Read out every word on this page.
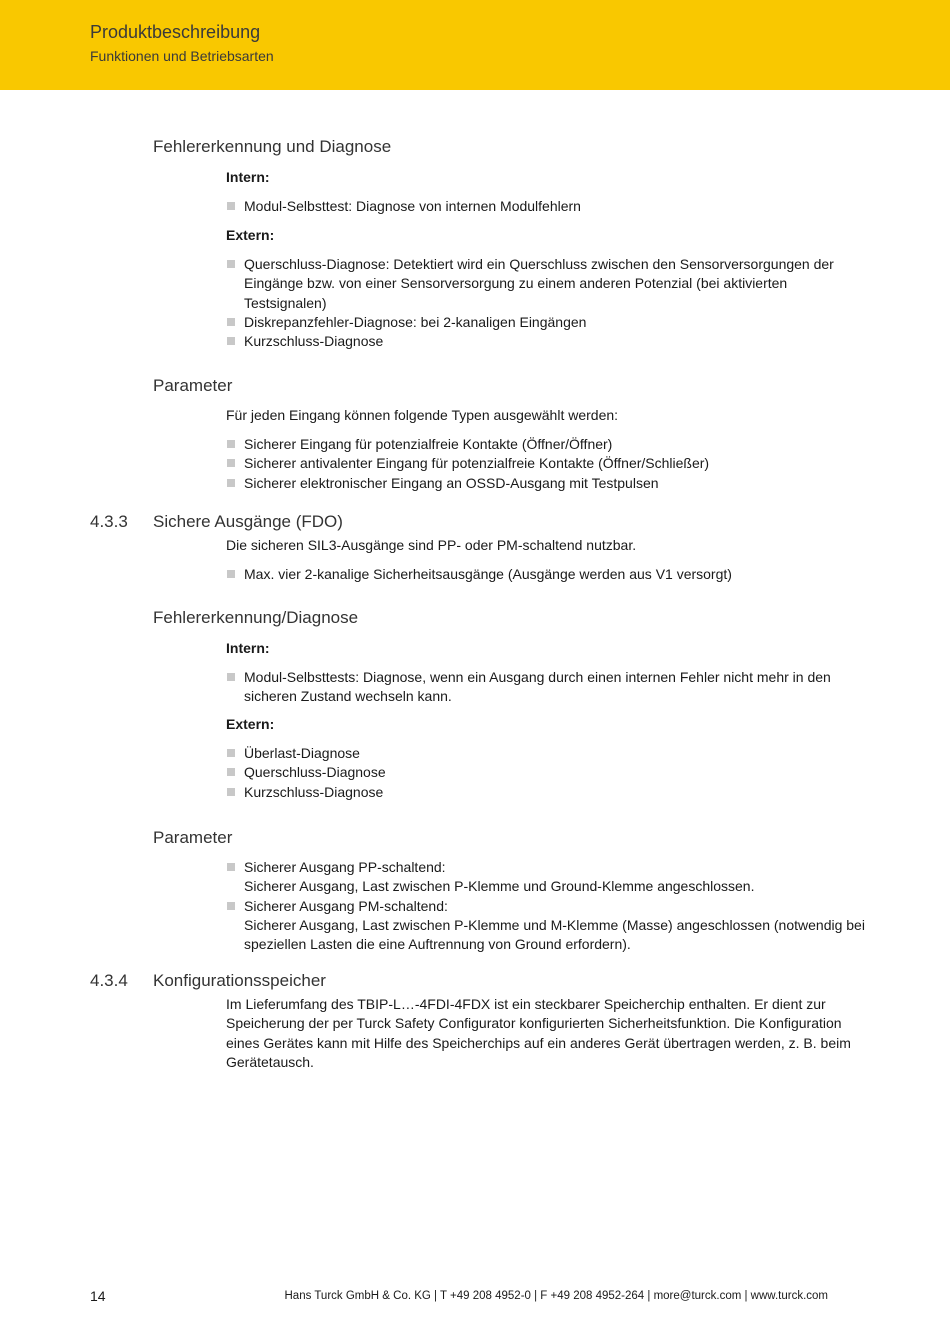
Produktbeschreibung
Funktionen und Betriebsarten
Fehlererkennung und Diagnose
Intern:
Modul-Selbsttest: Diagnose von internen Modulfehlern
Extern:
Querschluss-Diagnose: Detektiert wird ein Querschluss zwischen den Sensorversorgungen der Eingänge bzw. von einer Sensorversorgung zu einem anderen Potenzial (bei aktivierten Testsignalen)
Diskrepanzfehler-Diagnose: bei 2-kanaligen Eingängen
Kurzschluss-Diagnose
Parameter
Für jeden Eingang können folgende Typen ausgewählt werden:
Sicherer Eingang für potenzialfreie Kontakte (Öffner/Öffner)
Sicherer antivalenter Eingang für potenzialfreie Kontakte (Öffner/Schließer)
Sicherer elektronischer Eingang an OSSD-Ausgang mit Testpulsen
4.3.3 Sichere Ausgänge (FDO)
Die sicheren SIL3-Ausgänge sind PP- oder PM-schaltend nutzbar.
Max. vier 2-kanalige Sicherheitsausgänge (Ausgänge werden aus V1 versorgt)
Fehlererkennung/Diagnose
Intern:
Modul-Selbsttests: Diagnose, wenn ein Ausgang durch einen internen Fehler nicht mehr in den sicheren Zustand wechseln kann.
Extern:
Überlast-Diagnose
Querschluss-Diagnose
Kurzschluss-Diagnose
Parameter
Sicherer Ausgang PP-schaltend:
Sicherer Ausgang, Last zwischen P-Klemme und Ground-Klemme angeschlossen.
Sicherer Ausgang PM-schaltend:
Sicherer Ausgang, Last zwischen P-Klemme und M-Klemme (Masse) angeschlossen (notwendig bei speziellen Lasten die eine Auftrennung von Ground erfordern).
4.3.4 Konfigurationsspeicher
Im Lieferumfang des TBIP-L…-4FDI-4FDX ist ein steckbarer Speicherchip enthalten. Er dient zur Speicherung der per Turck Safety Configurator konfigurierten Sicherheitsfunktion. Die Konfiguration eines Gerätes kann mit Hilfe des Speicherchips auf ein anderes Gerät übertragen werden, z. B. beim Gerätetausch.
14	Hans Turck GmbH & Co. KG | T +49 208 4952-0 | F +49 208 4952-264 | more@turck.com | www.turck.com
